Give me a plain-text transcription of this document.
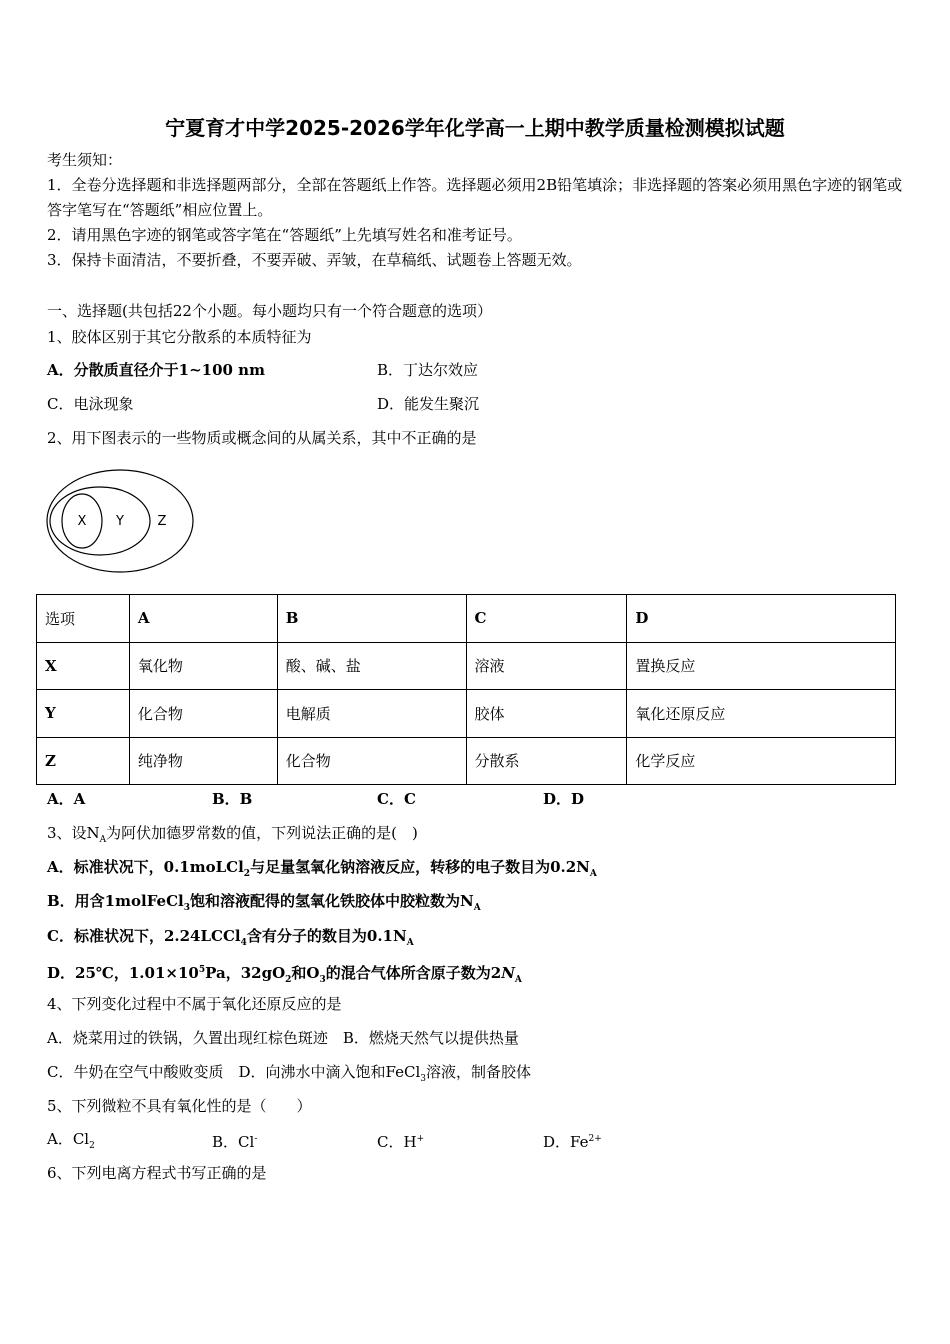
宁夏育才中学2025-2026学年化学高一上期中教学质量检测模拟试题
考生须知：
1．全卷分选择题和非选择题两部分，全部在答题纸上作答。选择题必须用2B铅笔填涂；非选择题的答案必须用黑色字迹的钢笔或答字笔写在“答题纸”相应位置上。
2．请用黑色字迹的钢笔或答字笔在“答题纸”上先填写姓名和准考证号。
3．保持卡面清洁，不要折叠，不要弄破、弄皱，在草稿纸、试题卷上答题无效。
一、选择题(共包括22个小题。每小题均只有一个符合题意的选项）
1、胶体区别于其它分散系的本质特征为
A．分散质直径介于1~100 nm	B．丁达尔效应
C．电泳现象	D．能发生聚沉
2、用下图表示的一些物质或概念间的从属关系，其中不正确的是
X Y	Z
选项	A	B	C	D
X	氧化物	酸、碱、盐	溶液	置换反应
Y	化合物	电解质	胶体	氧化还原反应
Z	纯净物	化合物	分散系	化学反应
A．A	B．B	C．C	D．D
3、设$N_A$为阿伏加德罗常数的值，下列说法正确的是(　)
A．标准状况下，0.1moLCl$_2$与足量氢氧化钠溶液反应，转移的电子数目为$0.2N_A$
B．用含1molFeCl$_3$饱和溶液配得的氢氧化铁胶体中胶粒数为$N_A$
C．标准状况下，2.24LCCl$_4$含有分子的数目为$0.1N_A$
D．25℃，$1.01\times 10^5Pa$，$32gO_2$和$O_3$的混合气体所含原子数为$2N_A$
4、下列变化过程中不属于氧化还原反应的是
A．烧菜用过的铁锅，久置出现红棕色斑迹　B．燃烧天然气以提供热量
C．牛奶在空气中酸败变质　D．向沸水中滴入饱和FeCl$_3$溶液，制备胶体
5、下列微粒不具有氧化性的是（　　）
A．$Cl_2$	B．Cl-	C．H+	D．$Fe^{2+}$
6、下列电离方程式书写正确的是
